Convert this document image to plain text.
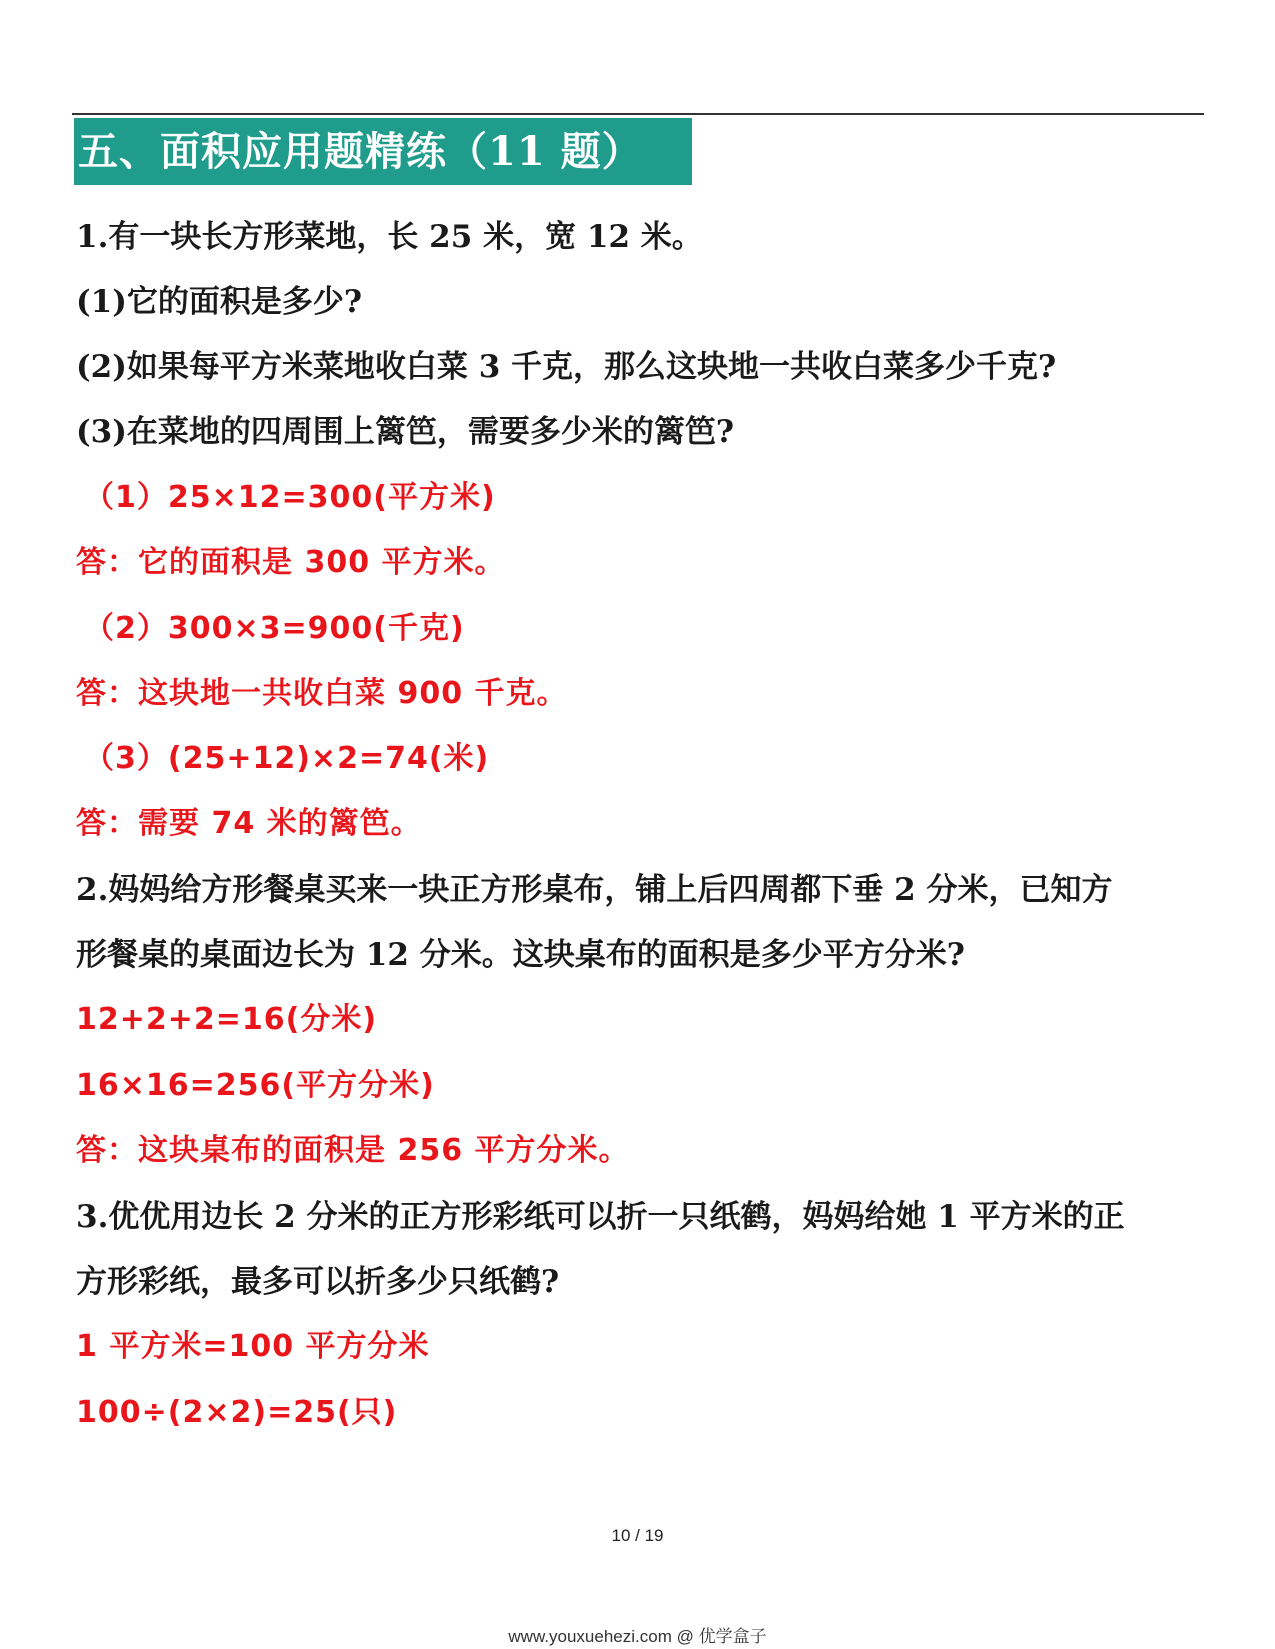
五、面积应用题精练（11 题）
1.有一块长方形菜地，长 25 米，宽 12 米。
(1)它的面积是多少?
(2)如果每平方米菜地收白菜 3 千克，那么这块地一共收白菜多少千克?
(3)在菜地的四周围上篱笆，需要多少米的篱笆?
（1）25×12=300(平方米)
答：它的面积是 300 平方米。
（2）300×3=900(千克)
答：这块地一共收白菜 900 千克。
（3）(25+12)×2=74(米)
答：需要 74 米的篱笆。
2.妈妈给方形餐桌买来一块正方形桌布，铺上后四周都下垂 2 分米，已知方
形餐桌的桌面边长为 12 分米。这块桌布的面积是多少平方分米?
12+2+2=16(分米)
16×16=256(平方分米)
答：这块桌布的面积是 256 平方分米。
3.优优用边长 2 分米的正方形彩纸可以折一只纸鹤，妈妈给她 1 平方米的正
方形彩纸，最多可以折多少只纸鹤?
1 平方米=100 平方分米
100÷(2×2)=25(只)
10 / 19
www.youxuehezi.com @ 优学盒子
